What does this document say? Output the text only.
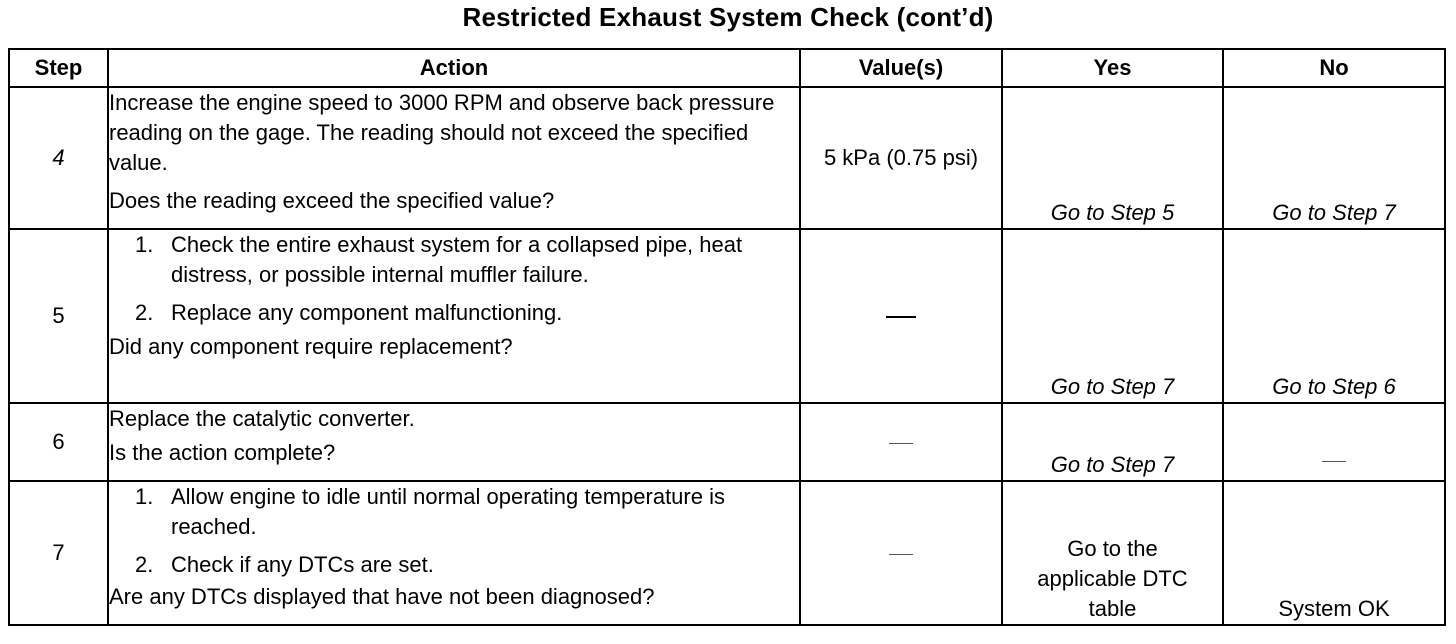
Restricted Exhaust System Check (cont’d)
Step	Action	Value(s)	Yes	No
4	Increase the engine speed to 3000 RPM and observe back pressure reading on the gage. The reading should not exceed the specified value.

Does the reading exceed the specified value?	5 kPa (0.75 psi)	Go to Step 5	Go to Step 7
5	1. Check the entire exhaust system for a collapsed pipe, heat distress, or possible internal muffler failure.
2. Replace any component malfunctioning.

Did any component require replacement?		Go to Step 7	Go to Step 6
6	Replace the catalytic converter.

Is the action complete?		Go to Step 7	
7	1. Allow engine to idle until normal operating temperature is reached.
2. Check if any DTCs are set.

Are any DTCs displayed that have not been diagnosed?		Go to the applicable DTC table	System OK
